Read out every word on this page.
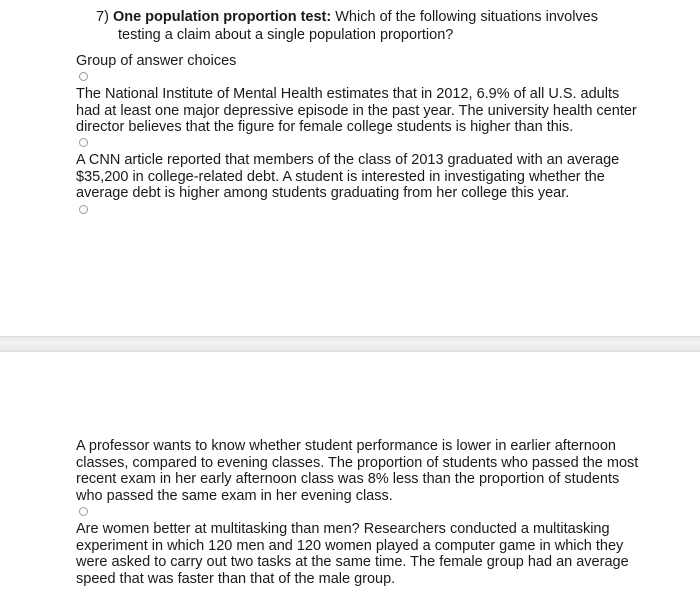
7) One population proportion test: Which of the following situations involves
testing a claim about a single population proportion?
Group of answer choices
The National Institute of Mental Health estimates that in 2012, 6.9% of all U.S. adults had at least one major depressive episode in the past year. The university health center director believes that the figure for female college students is higher than this.
A CNN article reported that members of the class of 2013 graduated with an average $35,200 in college-related debt. A student is interested in investigating whether the average debt is higher among students graduating from her college this year.
A professor wants to know whether student performance is lower in earlier afternoon classes, compared to evening classes. The proportion of students who passed the most recent exam in her early afternoon class was 8% less than the proportion of students who passed the same exam in her evening class.
Are women better at multitasking than men? Researchers conducted a multitasking experiment in which 120 men and 120 women played a computer game in which they were asked to carry out two tasks at the same time. The female group had an average speed that was faster than that of the male group.
